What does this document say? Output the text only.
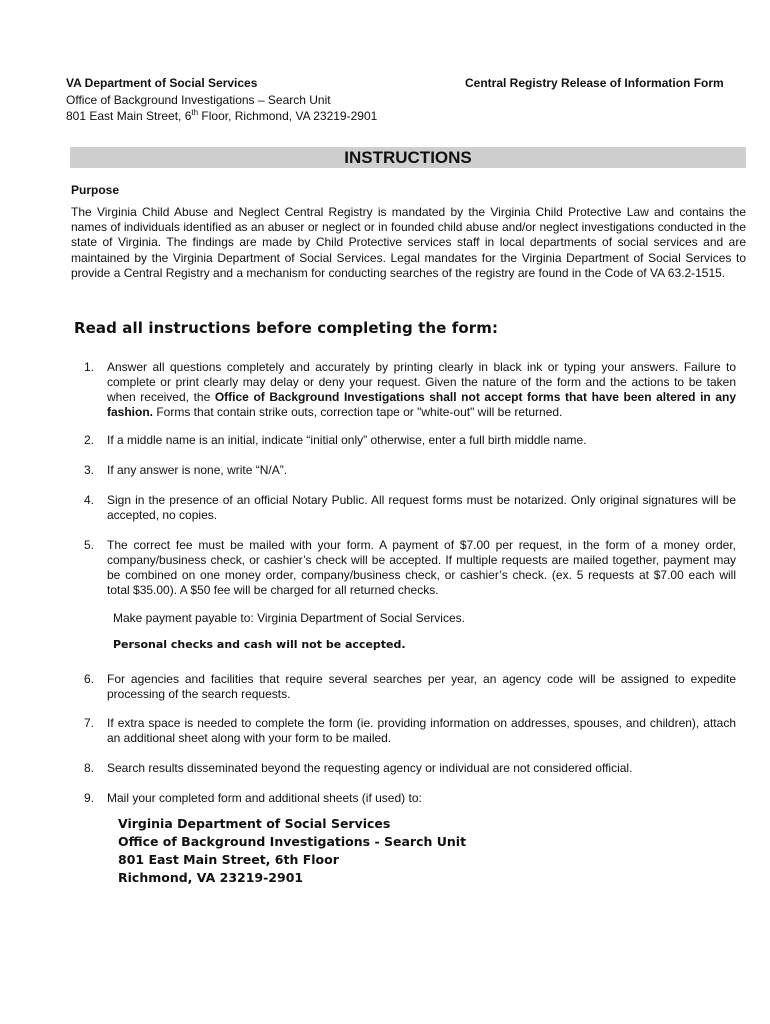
VA Department of Social Services
Office of Background Investigations – Search Unit
801 East Main Street, 6th Floor, Richmond, VA 23219-2901
Central Registry Release of Information Form
INSTRUCTIONS
Purpose
The Virginia Child Abuse and Neglect Central Registry is mandated by the Virginia Child Protective Law and contains the names of individuals identified as an abuser or neglect or in founded child abuse and/or neglect investigations conducted in the state of Virginia. The findings are made by Child Protective services staff in local departments of social services and are maintained by the Virginia Department of Social Services. Legal mandates for the Virginia Department of Social Services to provide a Central Registry and a mechanism for conducting searches of the registry are found in the Code of VA 63.2-1515.
Read all instructions before completing the form:
1. Answer all questions completely and accurately by printing clearly in black ink or typing your answers. Failure to complete or print clearly may delay or deny your request. Given the nature of the form and the actions to be taken when received, the Office of Background Investigations shall not accept forms that have been altered in any fashion. Forms that contain strike outs, correction tape or "white-out" will be returned.
2. If a middle name is an initial, indicate “initial only” otherwise, enter a full birth middle name.
3. If any answer is none, write “N/A”.
4. Sign in the presence of an official Notary Public. All request forms must be notarized. Only original signatures will be accepted, no copies.
5. The correct fee must be mailed with your form. A payment of $7.00 per request, in the form of a money order, company/business check, or cashier’s check will be accepted. If multiple requests are mailed together, payment may be combined on one money order, company/business check, or cashier’s check. (ex. 5 requests at $7.00 each will total $35.00). A $50 fee will be charged for all returned checks.
Make payment payable to: Virginia Department of Social Services.
Personal checks and cash will not be accepted.
6. For agencies and facilities that require several searches per year, an agency code will be assigned to expedite processing of the search requests.
7. If extra space is needed to complete the form (ie. providing information on addresses, spouses, and children), attach an additional sheet along with your form to be mailed.
8. Search results disseminated beyond the requesting agency or individual are not considered official.
9. Mail your completed form and additional sheets (if used) to:
Virginia Department of Social Services
Office of Background Investigations - Search Unit
801 East Main Street, 6th Floor
Richmond, VA 23219-2901
